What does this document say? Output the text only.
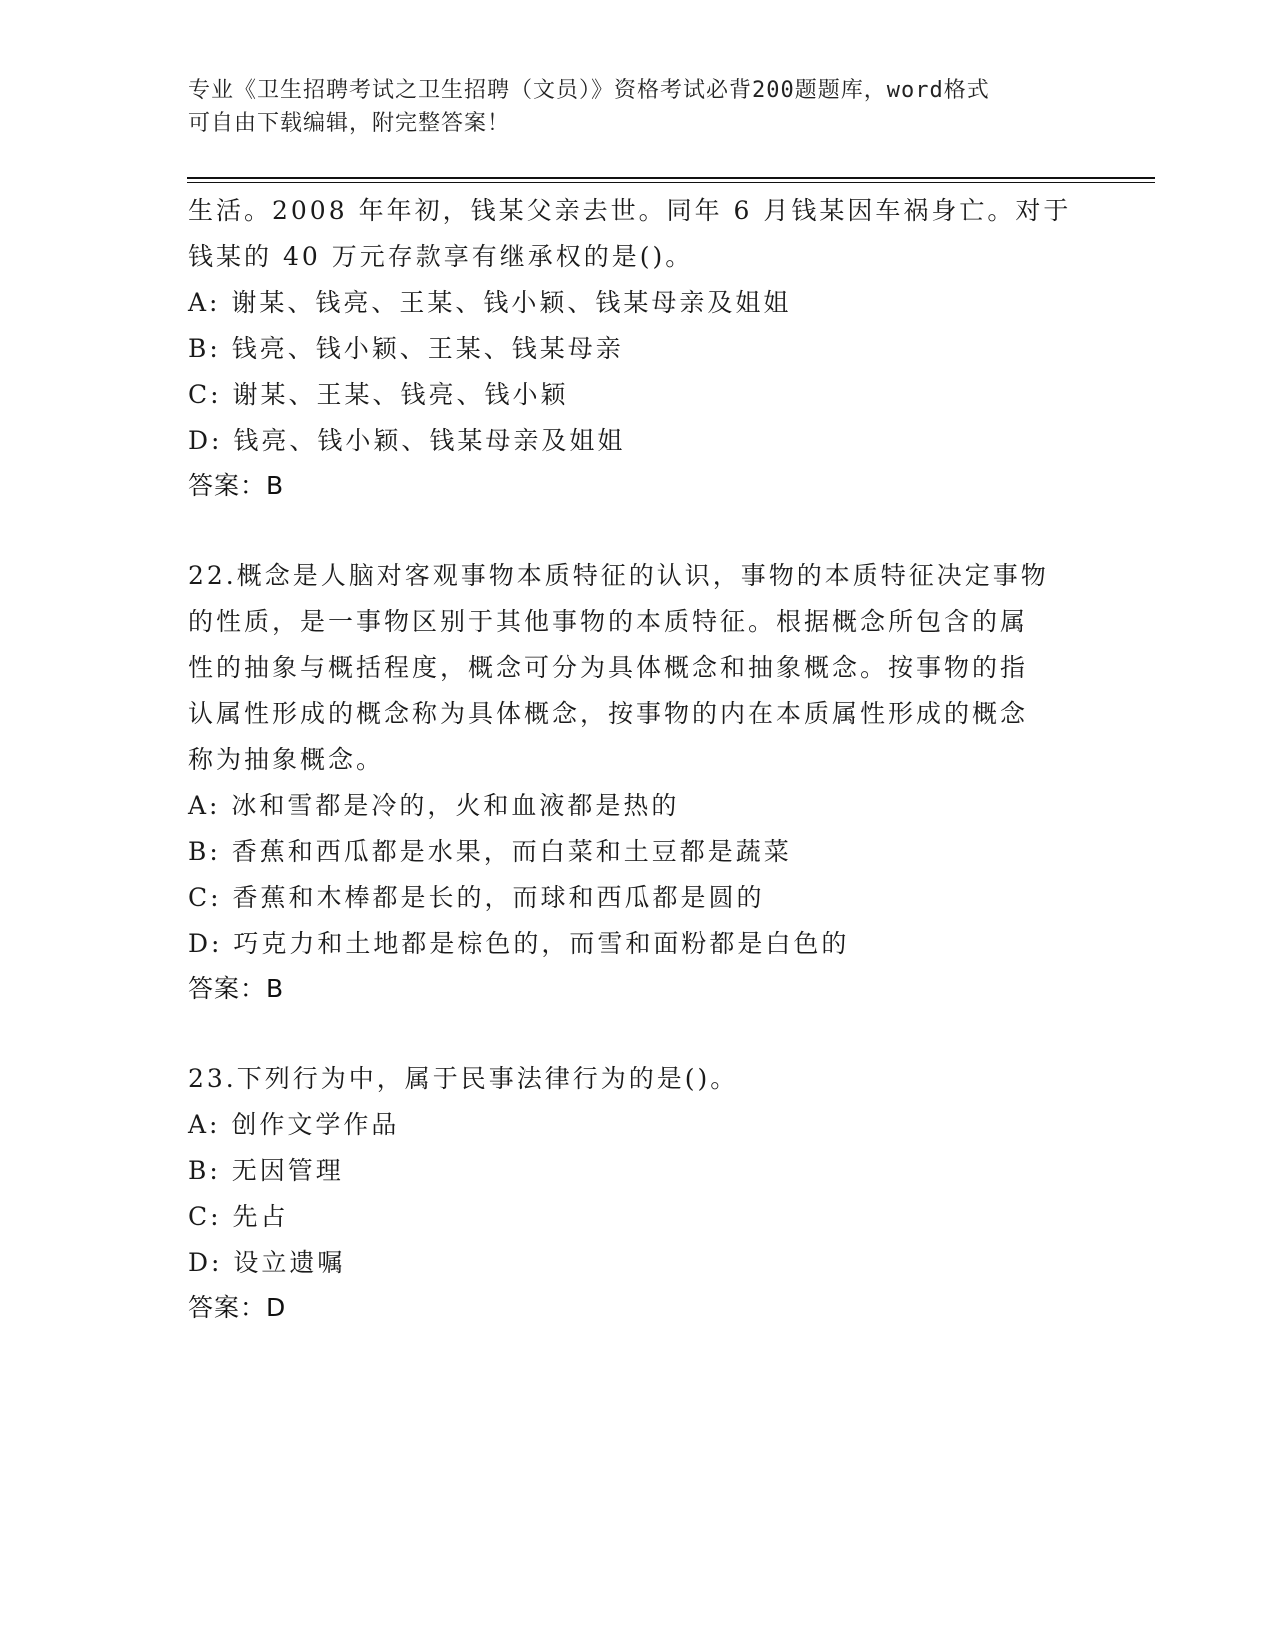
专业《卫生招聘考试之卫生招聘（文员）》资格考试必背200题题库，word格式
可自由下载编辑，附完整答案！
生活。2008 年年初，钱某父亲去世。同年 6 月钱某因车祸身亡。对于
钱某的 40 万元存款享有继承权的是()。
A: 谢某、钱亮、王某、钱小颖、钱某母亲及姐姐
B: 钱亮、钱小颖、王某、钱某母亲
C: 谢某、王某、钱亮、钱小颖
D: 钱亮、钱小颖、钱某母亲及姐姐
答案：B
22.概念是人脑对客观事物本质特征的认识，事物的本质特征决定事物
的性质，是一事物区别于其他事物的本质特征。根据概念所包含的属
性的抽象与概括程度，概念可分为具体概念和抽象概念。按事物的指
认属性形成的概念称为具体概念，按事物的内在本质属性形成的概念
称为抽象概念。
A: 冰和雪都是冷的，火和血液都是热的
B: 香蕉和西瓜都是水果，而白菜和土豆都是蔬菜
C: 香蕉和木棒都是长的，而球和西瓜都是圆的
D: 巧克力和土地都是棕色的，而雪和面粉都是白色的
答案：B
23.下列行为中，属于民事法律行为的是()。
A: 创作文学作品
B: 无因管理
C: 先占
D: 设立遗嘱
答案：D
